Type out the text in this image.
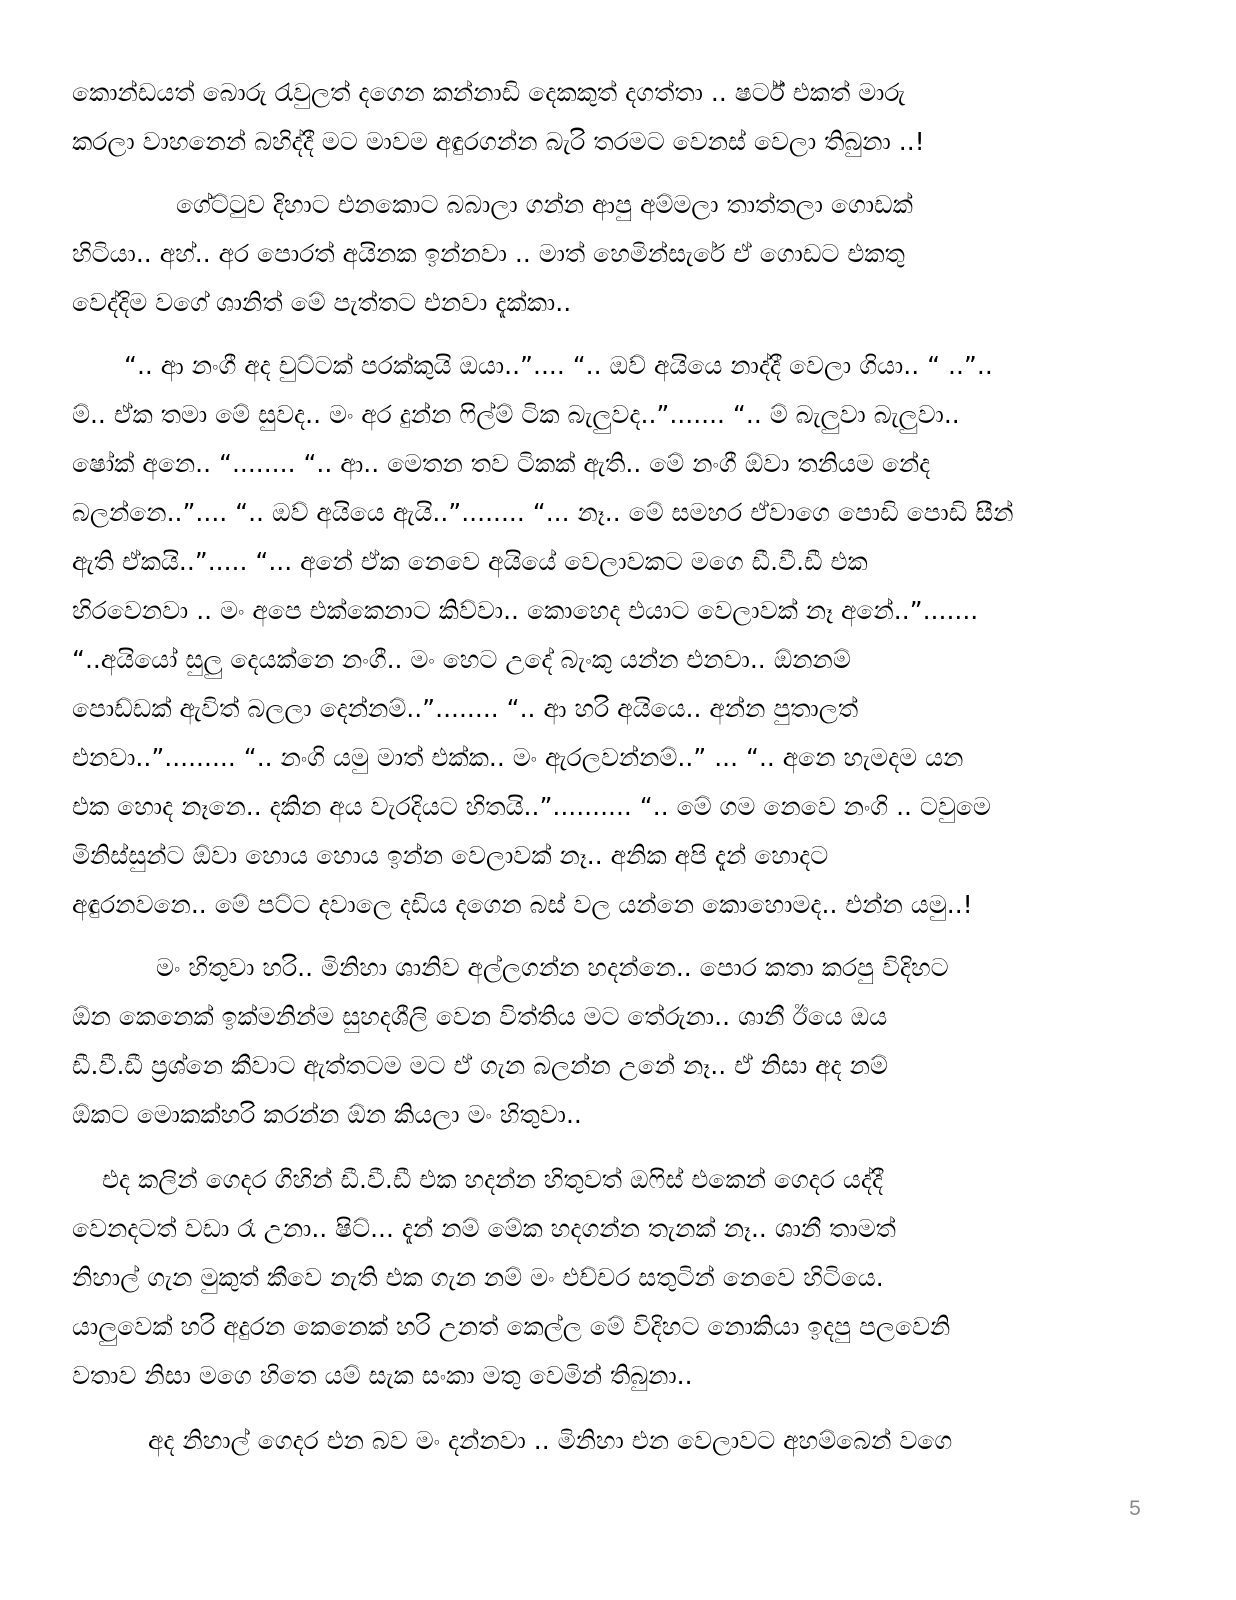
කොන්ඩයත් බොරු රැවුලත් දගෙන කන්නාඩි දෙකකුත් දගත්තා .. ෂර්ට් එකත් මාරු
කරලා වාහනෙන් බහිද්දී මට මාවම අඳුරගන්න බැරි තරමට වෙනස් වෙලා තිබුනා ..!
ගේට්ටුව දිහාට එනකොට බබාලා ගන්න ආපු අම්මලා තාත්තලා ගොඩක්
හිටියා.. අහ්.. අර පොරත් අයිනක ඉන්නවා .. මාත් හෙමින්සැරේ ඒ ගොඩට එකතු
වෙද්දිම වගේ ශානිත් මේ පැත්තට එනවා දැක්කා..
“.. ආ නංගී අද චුට්ටක් පරක්කුයි ඔයා..”.... “.. ඔව් අයියෙ නාද්දී වෙලා ගියා.. “ ..”..
ම්.. ඒක තමා මේ සුවද.. මං අර දුන්න ෆිල්ම් ටික බැලුවද..”....... “.. ම් බැලුවා බැලුවා..
ෂෝක් අනෙ.. “........ “.. ආ.. මෙතන තව ටිකක් ඇති.. මේ නංගී ඕවා තනියම නේද
බලන්නෙ..”.... “.. ඔව් අයියෙ ඇයි..”........ “... නෑ.. මේ සමහර ඒවාගෙ පොඩි පොඩි සීන්
ඇති ඒකයි..”..... “... අනේ ඒක නෙවෙ අයියේ වෙලාවකට මගෙ ඩී.වී.ඩී එක
හිරවෙනවා .. මං අපෙ එක්කෙනාට කිව්වා.. කොහෙද එයාට වෙලාවක් නෑ අනේ..”.......
“..අයියෝ සුලු දෙයක්නෙ නංගී.. මං හෙට උදේ බැංකු යන්න එනවා.. ඕනනම්
පොඩ්ඩක් ඇවිත් බලලා දෙන්නම්..”........ “.. ආ හරි අයියෙ.. අන්න පුතාලත්
එනවා..”......... “.. නංගි යමු මාත් එක්ක.. මං ඇරලවන්නම්..” ... “.. අනෙ හැමදම යන
එක හොද නෑනෙ.. දකින අය වැරදියට හිතයි..”.......... “.. මේ ගම නෙවෙ නංගි .. ටවුමෙ
මිනිස්සුන්ට ඕවා හොය හොය ඉන්න වෙලාවක් නෑ.. අනික අපි දැන් හොදට
අඳුරනවනෙ.. මේ පට්ට දවාලෙ දඩිය දගෙන බස් වල යන්නෙ කොහොමද.. එන්න යමු..!
මං හිතුවා හරි.. මිනිහා ශානිව අල්ලගන්න හදන්නෙ.. පොර කතා කරපු විදිහට
ඕන කෙනෙක් ඉක්මනින්ම සුහදශීලි වෙන විත්තිය මට තේරුනා.. ශානී ඊයෙ ඔය
ඩී.වී.ඩී ප්‍රශ්නෙ කීවාට ඇත්තටම මට ඒ ගැන බලන්න උනේ නෑ.. ඒ නිසා අද නම්
ඕකට මොකක්හරි කරන්න ඕන කියලා මං හිතුවා..
එද කලින් ගෙදර ගිහින් ඩී.වී.ඩී එක හදන්න හිතුවත් ඔෆිස් එකෙන් ගෙදර යද්දී
වෙනදටත් වඩා රෑ උනා.. ෂිට්... දැන් නම් මේක හදගන්න තැනක් නෑ.. ශානී තාමත්
නිහාල් ගැන මුකුත් කීවෙ නැති එක ගැන නම් මං එච්චර සතුටින් නෙවෙ හිටියෙ.
යාලුවෙක් හරි අදුරන කෙනෙක් හරි උනත් කෙල්ල මේ විදිහට නොකියා ඉදපු පලවෙනි
වතාව නිසා මගෙ හිතෙ යම් සැක සංකා මතු වෙමින් තිබුනා..
අද නිහාල් ගෙදර එන බව මං දන්නවා .. මිනිහා එන වෙලාවට අහම්බෙන් වගෙ
5
